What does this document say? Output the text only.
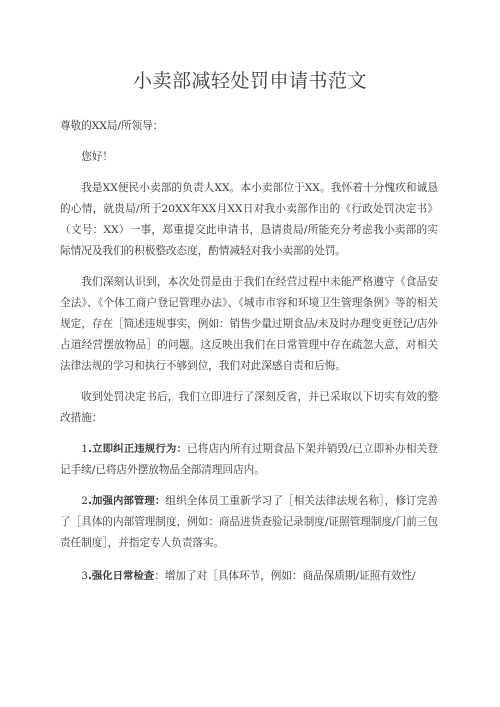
小卖部减轻处罚申请书范文

尊敬的XX局/所领导：

您好！

我是XX便民小卖部的负责人XX。本小卖部位于XX。我怀着十分愧疚和诚恳的心情，就贵局/所于20XX年XX月XX日对我小卖部作出的《行政处罚决定书》（文号：XX）一事，郑重提交此申请书，恳请贵局/所能充分考虑我小卖部的实际情况及我们的积极整改态度，酌情减轻对我小卖部的处罚。

我们深刻认识到，本次处罚是由于我们在经营过程中未能严格遵守《食品安全法》、《个体工商户登记管理办法》、《城市市容和环境卫生管理条例》等的相关规定，存在［简述违规事实，例如：销售少量过期食品/未及时办理变更登记/店外占道经营摆放物品］的问题。这反映出我们在日常管理中存在疏忽大意，对相关法律法规的学习和执行不够到位，我们对此深感自责和后悔。

收到处罚决定书后，我们立即进行了深刻反省，并已采取以下切实有效的整改措施：

1.立即纠正违规行为：已将店内所有过期食品下架并销毁/已立即补办相关登记手续/已将店外摆放物品全部清理回店内。

2.加强内部管理：组织全体员工重新学习了［相关法律法规名称］，修订完善了［具体的内部管理制度，例如：商品进货查验记录制度/证照管理制度/门前三包责任制度］，并指定专人负责落实。

3.强化日常检查：增加了对［具体环节，例如：商品保质期/证照有效性/
